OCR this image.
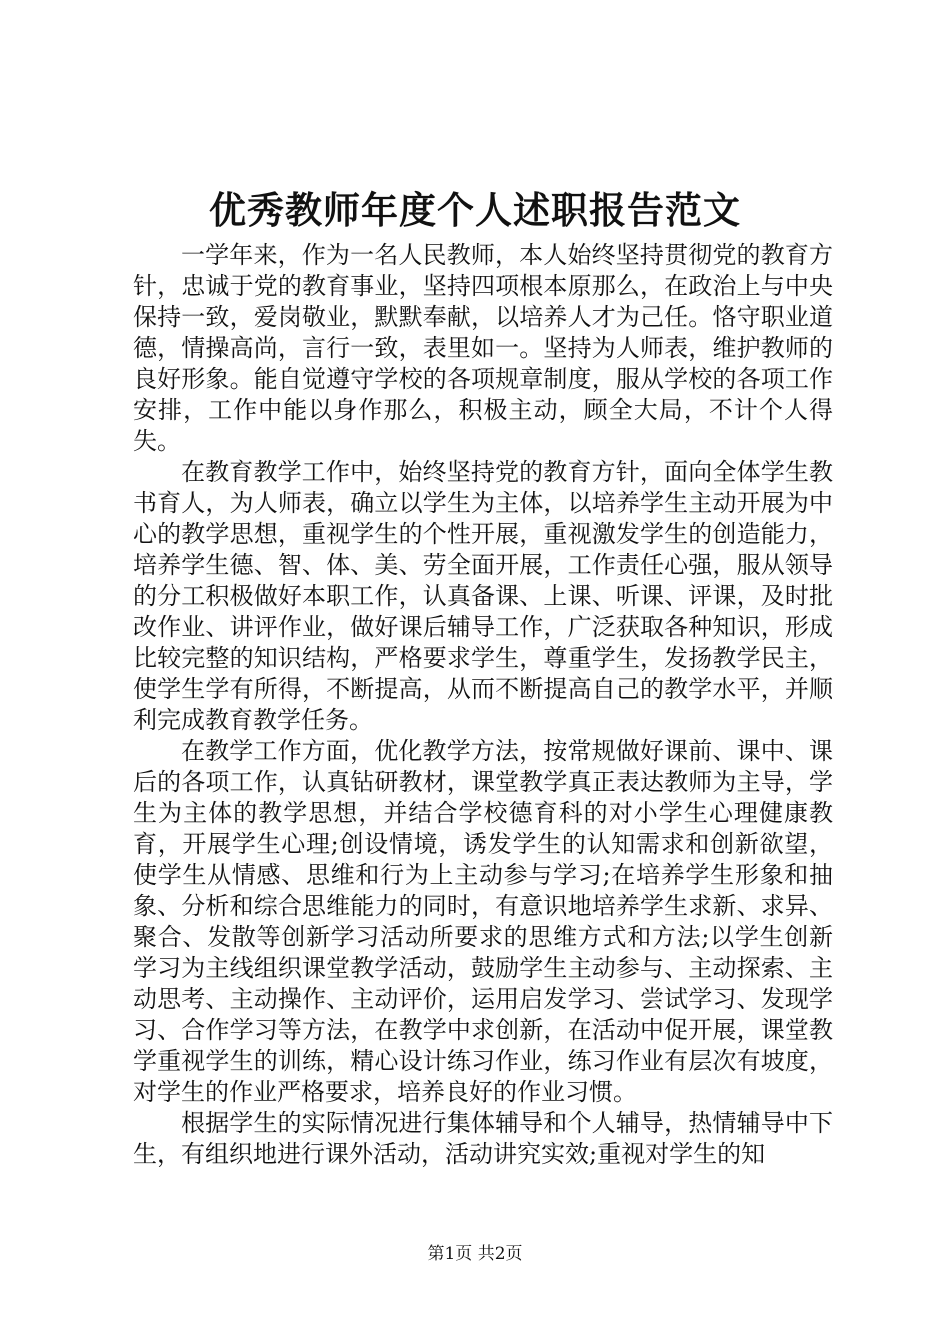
优秀教师年度个人述职报告范文

一学年来，作为一名人民教师，本人始终坚持贯彻党的教育方针，忠诚于党的教育事业，坚持四项根本原那么，在政治上与中央保持一致，爱岗敬业，默默奉献，以培养人才为己任。恪守职业道德，情操高尚，言行一致，表里如一。坚持为人师表，维护教师的良好形象。能自觉遵守学校的各项规章制度，服从学校的各项工作安排，工作中能以身作那么，积极主动，顾全大局，不计个人得失。

在教育教学工作中，始终坚持党的教育方针，面向全体学生教书育人，为人师表，确立以学生为主体，以培养学生主动开展为中心的教学思想，重视学生的个性开展，重视激发学生的创造能力，培养学生德、智、体、美、劳全面开展，工作责任心强，服从领导的分工积极做好本职工作，认真备课、上课、听课、评课，及时批改作业、讲评作业，做好课后辅导工作，广泛获取各种知识，形成比较完整的知识结构，严格要求学生，尊重学生，发扬教学民主，使学生学有所得，不断提高，从而不断提高自己的教学水平，并顺利完成教育教学任务。

在教学工作方面，优化教学方法，按常规做好课前、课中、课后的各项工作，认真钻研教材，课堂教学真正表达教师为主导，学生为主体的教学思想，并结合学校德育科的对小学生心理健康教育，开展学生心理;创设情境，诱发学生的认知需求和创新欲望，使学生从情感、思维和行为上主动参与学习;在培养学生形象和抽象、分析和综合思维能力的同时，有意识地培养学生求新、求异、聚合、发散等创新学习活动所要求的思维方式和方法;以学生创新学习为主线组织课堂教学活动，鼓励学生主动参与、主动探索、主动思考、主动操作、主动评价，运用启发学习、尝试学习、发现学习、合作学习等方法，在教学中求创新，在活动中促开展，课堂教学重视学生的训练，精心设计练习作业，练习作业有层次有坡度，对学生的作业严格要求，培养良好的作业习惯。

根据学生的实际情况进行集体辅导和个人辅导，热情辅导中下生，有组织地进行课外活动，活动讲究实效;重视对学生的知

第1页 共2页
